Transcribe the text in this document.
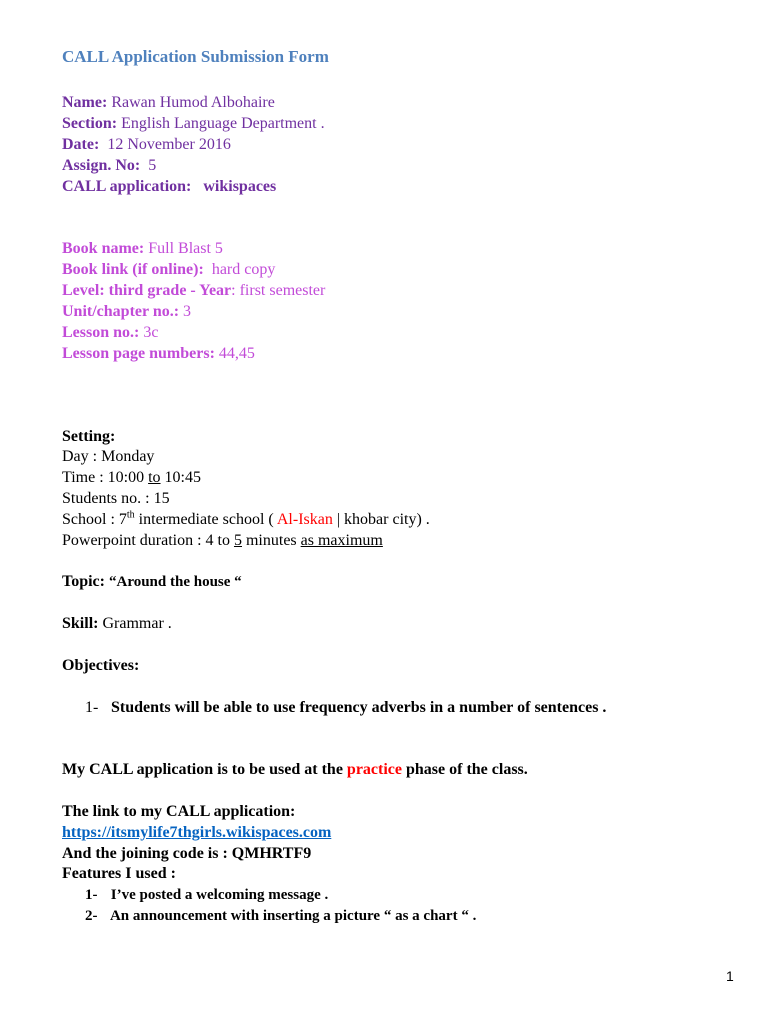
CALL Application Submission Form
Name: Rawan Humod Albohaire
Section: English Language Department .
Date: 12 November 2016
Assign. No: 5
CALL application: wikispaces
Book name: Full Blast 5
Book link (if online): hard copy
Level: third grade - Year: first semester
Unit/chapter no.: 3
Lesson no.: 3c
Lesson page numbers: 44,45
Setting:
Day : Monday
Time : 10:00 to 10:45
Students no. : 15
School : 7th intermediate school ( Al-Iskan | khobar city) .
Powerpoint duration : 4 to 5 minutes as maximum
Topic: “Around the house “
Skill: Grammar .
Objectives:
1- Students will be able to use frequency adverbs in a number of sentences .
My CALL application is to be used at the practice phase of the class.
The link to my CALL application:
https://itsmylife7thgirls.wikispaces.com
And the joining code is : QMHRTF9
Features I used :
1- I’ve posted a welcoming message .
2- An announcement with inserting a picture “ as a chart “ .
1
